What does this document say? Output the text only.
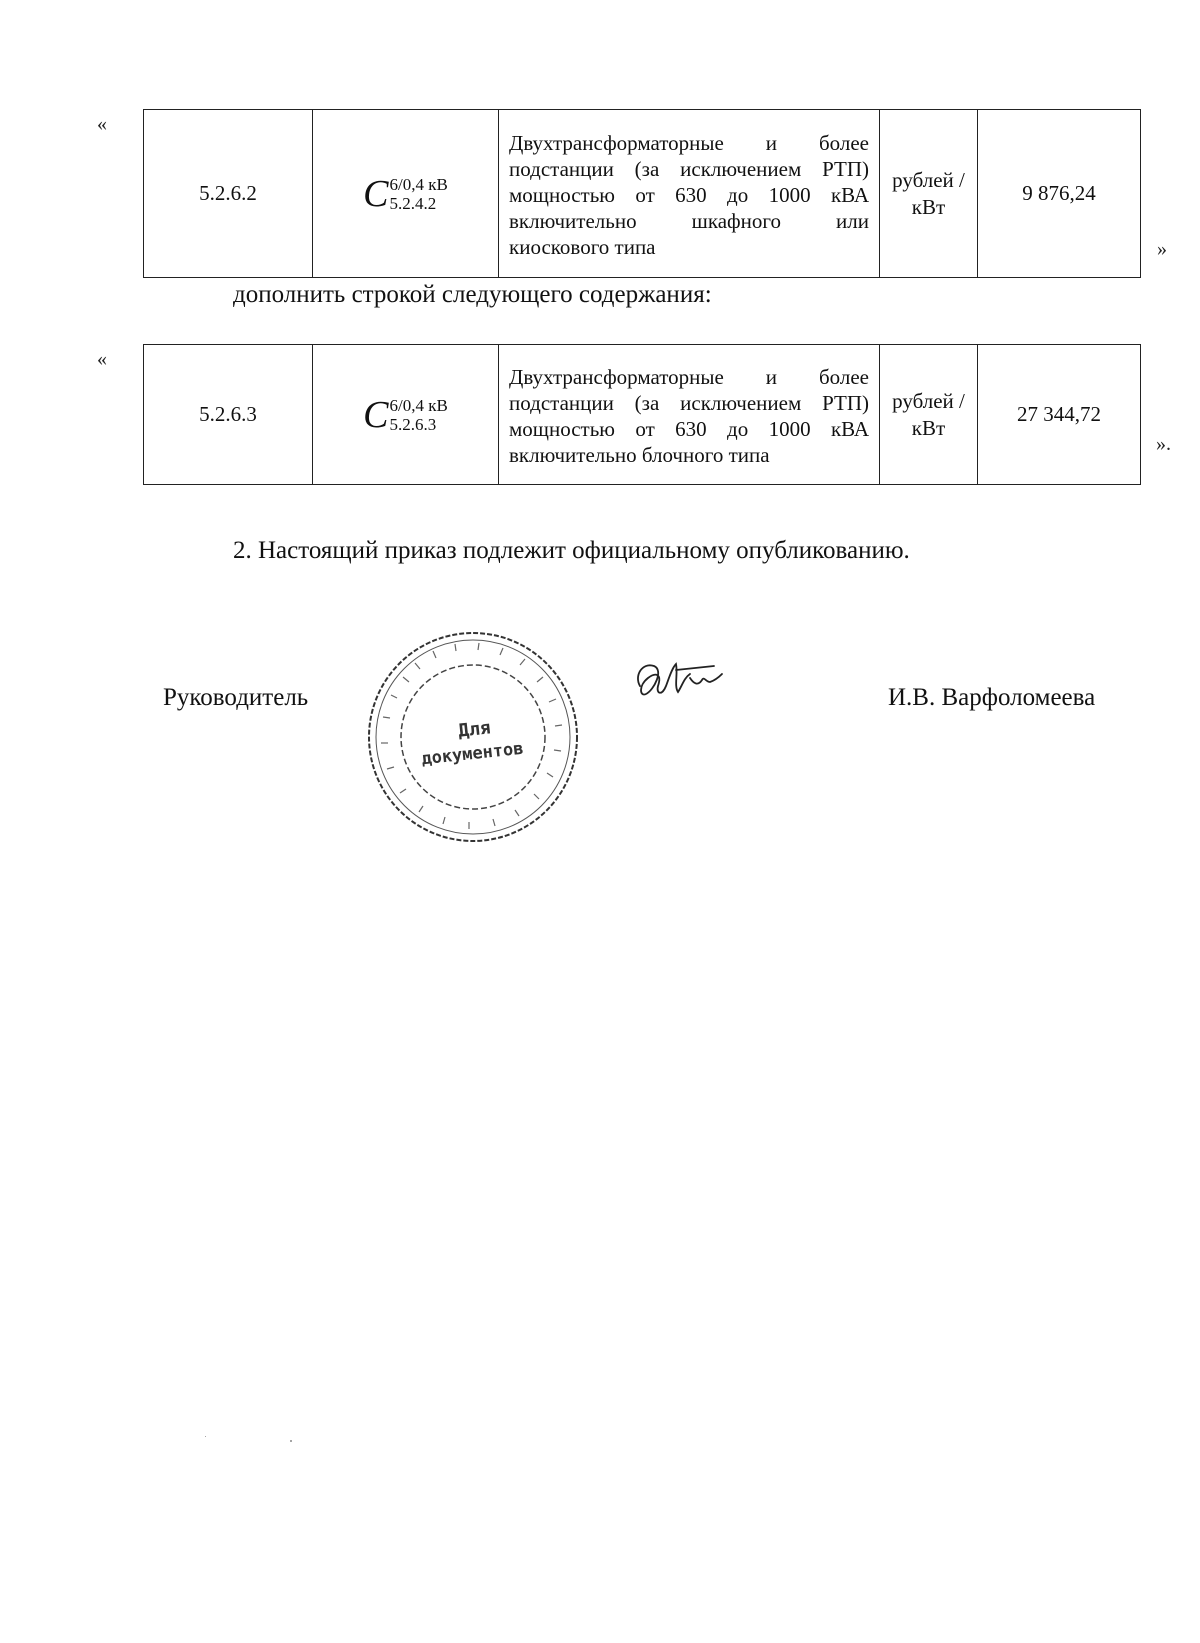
«
5.2.6.2	C 6/0,4 кВ
5.2.4.2
	Двухтрансформаторные и более подстанции (за исключением РТП) мощностью от 630 до 1000 кВА включительно шкафного или киоскового типа	рублей /кВт	9 876,24
»
дополнить строкой следующего содержания:
«
5.2.6.3	C 6/0,4 кВ
5.2.6.3
	Двухтрансформаторные и более подстанции (за исключением РТП) мощностью от 630 до 1000 кВА включительно блочного типа	рублей /кВт	27 344,72
».
2. Настоящий приказ подлежит официальному опубликованию.
Руководитель	И.В. Варфоломеева
Для
документов
